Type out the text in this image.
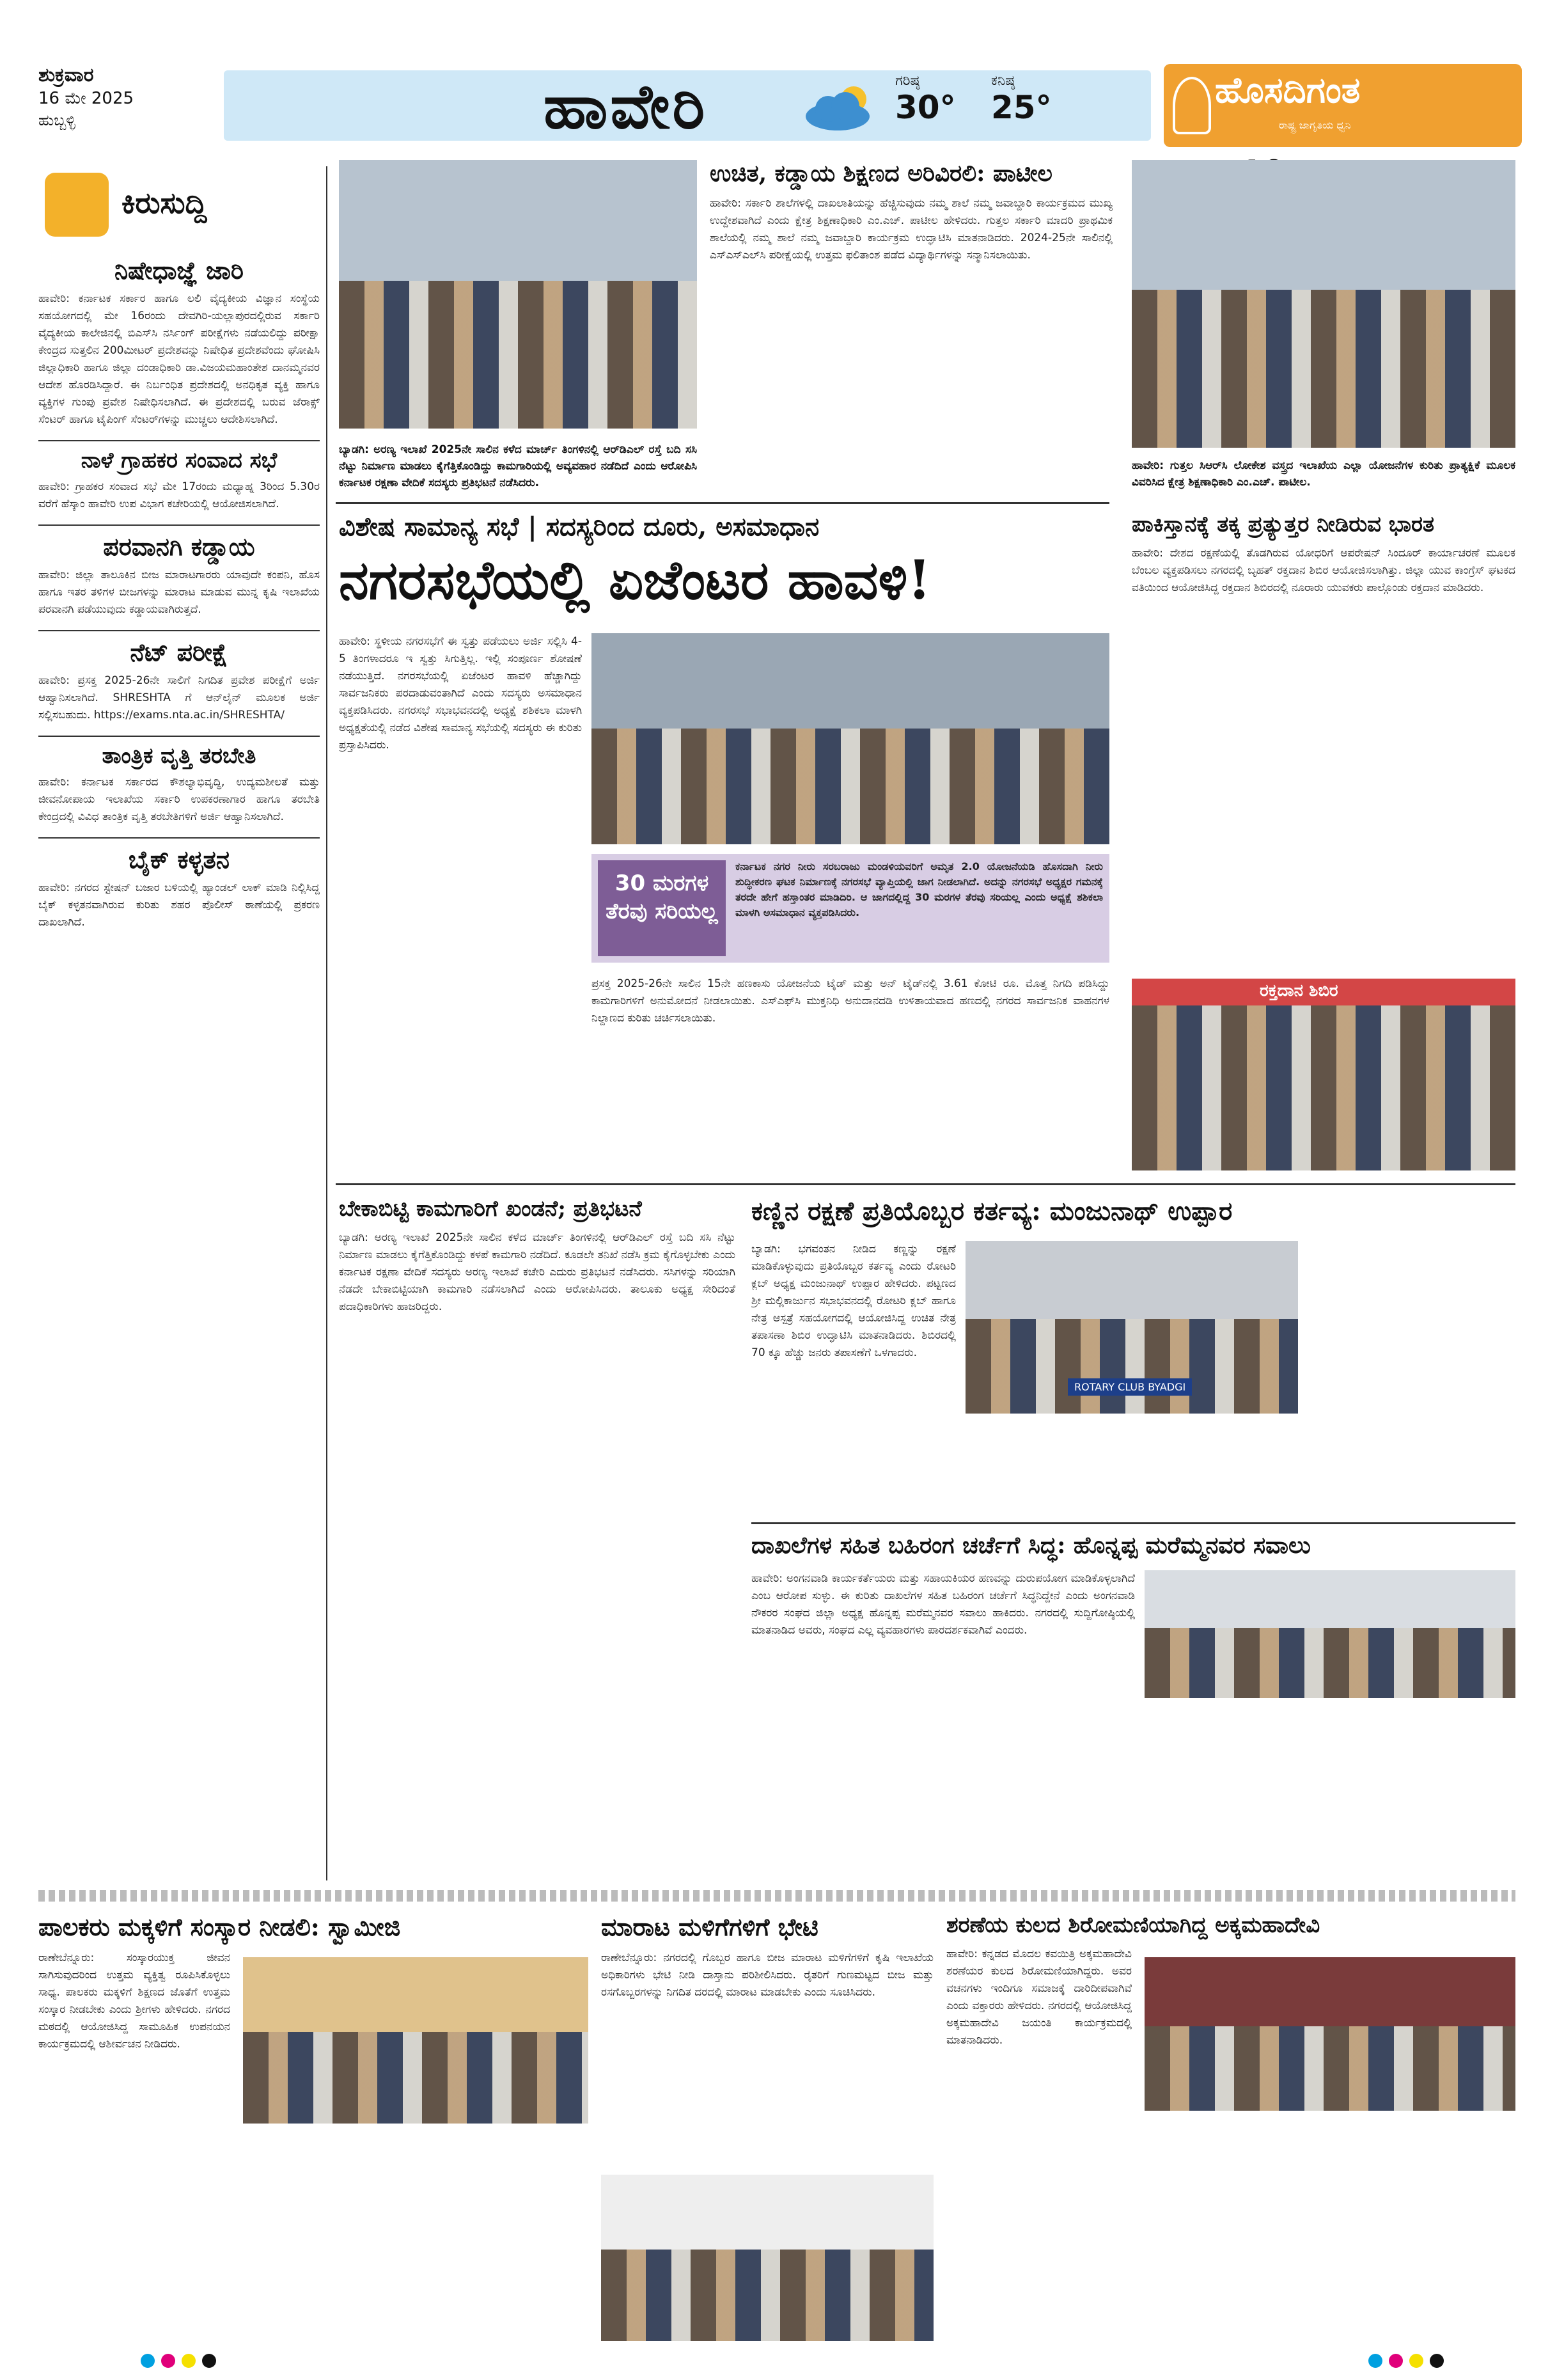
ಶುಕ್ರವಾರ
16 ಮೇ 2025
ಹುಬ್ಬಳ್ಳಿ	ಹಾವೇರಿ	ಗರಿಷ್ಠ
30°
ಕನಿಷ್ಠ
25°	ಹೊಸದಿಗಂತ
ರಾಷ್ಟ್ರ ಜಾಗೃತಿಯ ಧ್ವನಿ
ಕಿರುಸುದ್ದಿ
ನಿಷೇಧಾಜ್ಞೆ ಜಾರಿ
ಹಾವೇರಿ: ಕರ್ನಾಟಕ ಸರ್ಕಾರ ಹಾಗೂ ಲಲಿ ವೈದ್ಯಕೀಯ ವಿಜ್ಞಾನ ಸಂಸ್ಥೆಯ ಸಹಯೋಗದಲ್ಲಿ ಮೇ 16ರಂದು ದೇವಗಿರಿ-ಯಲ್ಲಾಪುರದಲ್ಲಿರುವ ಸರ್ಕಾರಿ ವೈದ್ಯಕೀಯ ಕಾಲೇಜಿನಲ್ಲಿ ಬಿಎಸ್‌ಸಿ ನರ್ಸಿಂಗ್ ಪರೀಕ್ಷೆಗಳು ನಡೆಯಲಿದ್ದು ಪರೀಕ್ಷಾ ಕೇಂದ್ರದ ಸುತ್ತಲಿನ 200ಮೀಟರ್ ಪ್ರದೇಶವನ್ನು ನಿಷೇಧಿತ ಪ್ರದೇಶವೆಂದು ಘೋಷಿಸಿ ಜಿಲ್ಲಾಧಿಕಾರಿ ಹಾಗೂ ಜಿಲ್ಲಾ ದಂಡಾಧಿಕಾರಿ ಡಾ.ವಿಜಯಮಹಾಂತೇಶ ದಾನಮ್ಮನವರ ಆದೇಶ ಹೊರಡಿಸಿದ್ದಾರೆ. ಈ ನಿರ್ಬಂಧಿತ ಪ್ರದೇಶದಲ್ಲಿ ಅನಧಿಕೃತ ವ್ಯಕ್ತಿ ಹಾಗೂ ವ್ಯಕ್ತಿಗಳ ಗುಂಪು ಪ್ರವೇಶ ನಿಷೇಧಿಸಲಾಗಿದೆ. ಈ ಪ್ರದೇಶದಲ್ಲಿ ಬರುವ ಜೆರಾಕ್ಸ್ ಸೆಂಟರ್ ಹಾಗೂ ಟೈಪಿಂಗ್ ಸೆಂಟರ್‌ಗಳನ್ನು ಮುಚ್ಚಲು ಆದೇಶಿಸಲಾಗಿದೆ.
ನಾಳೆ ಗ್ರಾಹಕರ ಸಂವಾದ ಸಭೆ
ಹಾವೇರಿ: ಗ್ರಾಹಕರ ಸಂವಾದ ಸಭೆ ಮೇ 17ರಂದು ಮಧ್ಯಾಹ್ನ 3ರಿಂದ 5.30ರ ವರೆಗೆ ಹೆಸ್ಕಾಂ ಹಾವೇರಿ ಉಪ ವಿಭಾಗ ಕಚೇರಿಯಲ್ಲಿ ಆಯೋಜಿಸಲಾಗಿದೆ.
ಪರವಾನಗಿ ಕಡ್ಡಾಯ
ಹಾವೇರಿ: ಜಿಲ್ಲಾ ತಾಲೂಕಿನ ಬೀಜ ಮಾರಾಟಗಾರರು ಯಾವುದೇ ಕಂಪನಿ, ಹೊಸ ಹಾಗೂ ಇತರ ತಳಿಗಳ ಬೀಜಗಳನ್ನು ಮಾರಾಟ ಮಾಡುವ ಮುನ್ನ ಕೃಷಿ ಇಲಾಖೆಯ ಪರವಾನಗಿ ಪಡೆಯುವುದು ಕಡ್ಡಾಯವಾಗಿರುತ್ತದೆ.
ನೆಟ್ ಪರೀಕ್ಷೆ
ಹಾವೇರಿ: ಪ್ರಸಕ್ತ 2025-26ನೇ ಸಾಲಿಗೆ ನಿಗದಿತ ಪ್ರವೇಶ ಪರೀಕ್ಷೆಗೆ ಅರ್ಜಿ ಆಹ್ವಾನಿಸಲಾಗಿದೆ. SHRESHTA ಗೆ ಆನ್‌ಲೈನ್ ಮೂಲಕ ಅರ್ಜಿ ಸಲ್ಲಿಸಬಹುದು. https://exams.nta.ac.in/SHRESHTA/
ತಾಂತ್ರಿಕ ವೃತ್ತಿ ತರಬೇತಿ
ಹಾವೇರಿ: ಕರ್ನಾಟಕ ಸರ್ಕಾರದ ಕೌಶಲ್ಯಾಭಿವೃದ್ಧಿ, ಉದ್ಯಮಶೀಲತೆ ಮತ್ತು ಜೀವನೋಪಾಯ ಇಲಾಖೆಯ ಸರ್ಕಾರಿ ಉಪಕರಣಾಗಾರ ಹಾಗೂ ತರಬೇತಿ ಕೇಂದ್ರದಲ್ಲಿ ವಿವಿಧ ತಾಂತ್ರಿಕ ವೃತ್ತಿ ತರಬೇತಿಗಳಿಗೆ ಅರ್ಜಿ ಆಹ್ವಾನಿಸಲಾಗಿದೆ.
ಬೈಕ್ ಕಳ್ಳತನ
ಹಾವೇರಿ: ನಗರದ ಸ್ಟೇಷನ್ ಬಜಾರ ಬಳಿಯಲ್ಲಿ ಹ್ಯಾಂಡಲ್ ಲಾಕ್ ಮಾಡಿ ನಿಲ್ಲಿಸಿದ್ದ ಬೈಕ್ ಕಳ್ಳತನವಾಗಿರುವ ಕುರಿತು ಶಹರ ಪೊಲೀಸ್ ಠಾಣೆಯಲ್ಲಿ ಪ್ರಕರಣ ದಾಖಲಾಗಿದೆ.
ಬ್ಯಾಡಗಿ: ಅರಣ್ಯ ಇಲಾಖೆ 2025ನೇ ಸಾಲಿನ ಕಳೆದ ಮಾರ್ಚ್ ತಿಂಗಳಿನಲ್ಲಿ ಆರ್‌ಡಿಎಲ್ ರಸ್ತೆ ಬದಿ ಸಸಿ ನೆಟ್ಟು ನಿರ್ಮಾಣ ಮಾಡಲು ಕೈಗೆತ್ತಿಕೊಂಡಿದ್ದು ಕಾಮಗಾರಿಯಲ್ಲಿ ಅವ್ಯವಹಾರ ನಡೆದಿದೆ ಎಂದು ಆರೋಪಿಸಿ ಕರ್ನಾಟಕ ರಕ್ಷಣಾ ವೇದಿಕೆ ಸದಸ್ಯರು ಪ್ರತಿಭಟನೆ ನಡೆಸಿದರು.
ಉಚಿತ, ಕಡ್ಡಾಯ ಶಿಕ್ಷಣದ ಅರಿವಿರಲಿ: ಪಾಟೀಲ
ಹಾವೇರಿ: ಸರ್ಕಾರಿ ಶಾಲೆಗಳಲ್ಲಿ ದಾಖಲಾತಿಯನ್ನು ಹೆಚ್ಚಿಸುವುದು ನಮ್ಮ ಶಾಲೆ ನಮ್ಮ ಜವಾಬ್ದಾರಿ ಕಾರ್ಯಕ್ರಮದ ಮುಖ್ಯ ಉದ್ದೇಶವಾಗಿದೆ ಎಂದು ಕ್ಷೇತ್ರ ಶಿಕ್ಷಣಾಧಿಕಾರಿ ಎಂ.ಎಚ್. ಪಾಟೀಲ ಹೇಳಿದರು. ಗುತ್ತಲ ಸರ್ಕಾರಿ ಮಾದರಿ ಪ್ರಾಥಮಿಕ ಶಾಲೆಯಲ್ಲಿ ನಮ್ಮ ಶಾಲೆ ನಮ್ಮ ಜವಾಬ್ದಾರಿ ಕಾರ್ಯಕ್ರಮ ಉದ್ಘಾಟಿಸಿ ಮಾತನಾಡಿದರು. 2024-25ನೇ ಸಾಲಿನಲ್ಲಿ ಎಸ್‌ಎಸ್‌ಎಲ್‌ಸಿ ಪರೀಕ್ಷೆಯಲ್ಲಿ ಉತ್ತಮ ಫಲಿತಾಂಶ ಪಡೆದ ವಿದ್ಯಾರ್ಥಿಗಳನ್ನು ಸನ್ಮಾನಿಸಲಾಯಿತು.
ಹಾವೇರಿ: ಗುತ್ತಲ ಸಿಆರ್‌ಸಿ ಲೋಕೇಶ ವಸ್ತ್ರದ ಇಲಾಖೆಯ ಎಲ್ಲಾ ಯೋಜನೆಗಳ ಕುರಿತು ಪ್ರಾತ್ಯಕ್ಷಿಕೆ ಮೂಲಕ ವಿವರಿಸಿದ ಕ್ಷೇತ್ರ ಶಿಕ್ಷಣಾಧಿಕಾರಿ ಎಂ.ಎಚ್. ಪಾಟೀಲ.
ವಿಶೇಷ ಸಾಮಾನ್ಯ ಸಭೆ | ಸದಸ್ಯರಿಂದ ದೂರು, ಅಸಮಾಧಾನ
ನಗರಸಭೆಯಲ್ಲಿ ಏಜೆಂಟರ ಹಾವಳಿ!
ಹಾವೇರಿ: ಸ್ಥಳೀಯ ನಗರಸಭೆಗೆ ಈ ಸ್ವತ್ತು ಪಡೆಯಲು ಅರ್ಜಿ ಸಲ್ಲಿಸಿ 4-5 ತಿಂಗಳಾದರೂ ಇ ಸ್ವತ್ತು ಸಿಗುತ್ತಿಲ್ಲ. ಇಲ್ಲಿ ಸಂಪೂರ್ಣ ಶೋಷಣೆ ನಡೆಯುತ್ತಿದೆ. ನಗರಸಭೆಯಲ್ಲಿ ಏಜೆಂಟರ ಹಾವಳಿ ಹೆಚ್ಚಾಗಿದ್ದು ಸಾರ್ವಜನಿಕರು ಪರದಾಡುವಂತಾಗಿದೆ ಎಂದು ಸದಸ್ಯರು ಅಸಮಾಧಾನ ವ್ಯಕ್ತಪಡಿಸಿದರು. ನಗರಸಭೆ ಸಭಾಭವನದಲ್ಲಿ ಅಧ್ಯಕ್ಷೆ ಶಶಿಕಲಾ ಮಾಳಗಿ ಅಧ್ಯಕ್ಷತೆಯಲ್ಲಿ ನಡೆದ ವಿಶೇಷ ಸಾಮಾನ್ಯ ಸಭೆಯಲ್ಲಿ ಸದಸ್ಯರು ಈ ಕುರಿತು ಪ್ರಸ್ತಾಪಿಸಿದರು.
30 ಮರಗಳ ತೆರವು ಸರಿಯಲ್ಲ
ಕರ್ನಾಟಕ ನಗರ ನೀರು ಸರಬರಾಜು ಮಂಡಳಿಯವರಿಗೆ ಅಮೃತ 2.0 ಯೋಜನೆಯಡಿ ಹೊಸದಾಗಿ ನೀರು ಶುದ್ಧೀಕರಣ ಘಟಕ ನಿರ್ಮಾಣಕ್ಕೆ ನಗರಸಭೆ ವ್ಯಾಪ್ತಿಯಲ್ಲಿ ಜಾಗ ನೀಡಲಾಗಿದೆ. ಅದನ್ನು ನಗರಸಭೆ ಅಧ್ಯಕ್ಷರ ಗಮನಕ್ಕೆ ತರದೇ ಹೇಗೆ ಹಸ್ತಾಂತರ ಮಾಡಿದಿರಿ. ಆ ಜಾಗದಲ್ಲಿದ್ದ 30 ಮರಗಳ ತೆರವು ಸರಿಯಲ್ಲ ಎಂದು ಅಧ್ಯಕ್ಷೆ ಶಶಿಕಲಾ ಮಾಳಗಿ ಅಸಮಾಧಾನ ವ್ಯಕ್ತಪಡಿಸಿದರು.
ಪ್ರಸಕ್ತ 2025-26ನೇ ಸಾಲಿನ 15ನೇ ಹಣಕಾಸು ಯೋಜನೆಯ ಟೈಡ್ ಮತ್ತು ಅನ್ ಟೈಡ್‌ನಲ್ಲಿ 3.61 ಕೋಟಿ ರೂ. ಮೊತ್ತ ನಿಗದಿ ಪಡಿಸಿದ್ದು ಕಾಮಗಾರಿಗಳಿಗೆ ಅನುಮೋದನೆ ನೀಡಲಾಯಿತು. ಎಸ್‌ಎಫ್‌ಸಿ ಮುಕ್ತನಿಧಿ ಅನುದಾನದಡಿ ಉಳಿತಾಯವಾದ ಹಣದಲ್ಲಿ ನಗರದ ಸಾರ್ವಜನಿಕ ವಾಹನಗಳ ನಿಲ್ದಾಣದ ಕುರಿತು ಚರ್ಚಿಸಲಾಯಿತು.
ಪಾಕಿಸ್ತಾನಕ್ಕೆ ತಕ್ಕ ಪ್ರತ್ಯುತ್ತರ ನೀಡಿರುವ ಭಾರತ
ಹಾವೇರಿ: ದೇಶದ ರಕ್ಷಣೆಯಲ್ಲಿ ತೊಡಗಿರುವ ಯೋಧರಿಗೆ ಆಪರೇಷನ್ ಸಿಂದೂರ್ ಕಾರ್ಯಾಚರಣೆ ಮೂಲಕ ಬೆಂಬಲ ವ್ಯಕ್ತಪಡಿಸಲು ನಗರದಲ್ಲಿ ಬೃಹತ್ ರಕ್ತದಾನ ಶಿಬಿರ ಆಯೋಜಿಸಲಾಗಿತ್ತು. ಜಿಲ್ಲಾ ಯುವ ಕಾಂಗ್ರೆಸ್ ಘಟಕದ ವತಿಯಿಂದ ಆಯೋಜಿಸಿದ್ದ ರಕ್ತದಾನ ಶಿಬಿರದಲ್ಲಿ ನೂರಾರು ಯುವಕರು ಪಾಲ್ಗೊಂಡು ರಕ್ತದಾನ ಮಾಡಿದರು.
ರಕ್ತದಾನ ಶಿಬಿರ
ಬೇಕಾಬಿಟ್ಟಿ ಕಾಮಗಾರಿಗೆ ಖಂಡನೆ; ಪ್ರತಿಭಟನೆ
ಬ್ಯಾಡಗಿ: ಅರಣ್ಯ ಇಲಾಖೆ 2025ನೇ ಸಾಲಿನ ಕಳೆದ ಮಾರ್ಚ್ ತಿಂಗಳಿನಲ್ಲಿ ಆರ್‌ಡಿಎಲ್ ರಸ್ತೆ ಬದಿ ಸಸಿ ನೆಟ್ಟು ನಿರ್ಮಾಣ ಮಾಡಲು ಕೈಗೆತ್ತಿಕೊಂಡಿದ್ದು ಕಳಪೆ ಕಾಮಗಾರಿ ನಡೆದಿದೆ. ಕೂಡಲೇ ತನಿಖೆ ನಡೆಸಿ ಕ್ರಮ ಕೈಗೊಳ್ಳಬೇಕು ಎಂದು ಕರ್ನಾಟಕ ರಕ್ಷಣಾ ವೇದಿಕೆ ಸದಸ್ಯರು ಅರಣ್ಯ ಇಲಾಖೆ ಕಚೇರಿ ಎದುರು ಪ್ರತಿಭಟನೆ ನಡೆಸಿದರು. ಸಸಿಗಳನ್ನು ಸರಿಯಾಗಿ ನೆಡದೇ ಬೇಕಾಬಿಟ್ಟಿಯಾಗಿ ಕಾಮಗಾರಿ ನಡೆಸಲಾಗಿದೆ ಎಂದು ಆರೋಪಿಸಿದರು. ತಾಲೂಕು ಅಧ್ಯಕ್ಷ ಸೇರಿದಂತೆ ಪದಾಧಿಕಾರಿಗಳು ಹಾಜರಿದ್ದರು.
ಕಣ್ಣಿನ ರಕ್ಷಣೆ ಪ್ರತಿಯೊಬ್ಬರ ಕರ್ತವ್ಯ: ಮಂಜುನಾಥ್ ಉಪ್ಪಾರ
ಬ್ಯಾಡಗಿ: ಭಗವಂತನ ನೀಡಿದ ಕಣ್ಣನ್ನು ರಕ್ಷಣೆ ಮಾಡಿಕೊಳ್ಳುವುದು ಪ್ರತಿಯೊಬ್ಬರ ಕರ್ತವ್ಯ ಎಂದು ರೋಟರಿ ಕ್ಲಬ್ ಅಧ್ಯಕ್ಷ ಮಂಜುನಾಥ್ ಉಪ್ಪಾರ ಹೇಳಿದರು. ಪಟ್ಟಣದ ಶ್ರೀ ಮಲ್ಲಿಕಾರ್ಜುನ ಸಭಾಭವನದಲ್ಲಿ ರೋಟರಿ ಕ್ಲಬ್ ಹಾಗೂ ನೇತ್ರ ಆಸ್ಪತ್ರೆ ಸಹಯೋಗದಲ್ಲಿ ಆಯೋಜಿಸಿದ್ದ ಉಚಿತ ನೇತ್ರ ತಪಾಸಣಾ ಶಿಬಿರ ಉದ್ಘಾಟಿಸಿ ಮಾತನಾಡಿದರು. ಶಿಬಿರದಲ್ಲಿ 70 ಕ್ಕೂ ಹೆಚ್ಚು ಜನರು ತಪಾಸಣೆಗೆ ಒಳಗಾದರು.
ROTARY CLUB BYADGI
ದಾಖಲೆಗಳ ಸಹಿತ ಬಹಿರಂಗ ಚರ್ಚೆಗೆ ಸಿದ್ಧ: ಹೊನ್ನಪ್ಪ ಮರೆಮ್ಮನವರ ಸವಾಲು
ಹಾವೇರಿ: ಅಂಗನವಾಡಿ ಕಾರ್ಯಕರ್ತೆಯರು ಮತ್ತು ಸಹಾಯಕಿಯರ ಹಣವನ್ನು ದುರುಪಯೋಗ ಮಾಡಿಕೊಳ್ಳಲಾಗಿದೆ ಎಂಬ ಆರೋಪ ಸುಳ್ಳು. ಈ ಕುರಿತು ದಾಖಲೆಗಳ ಸಹಿತ ಬಹಿರಂಗ ಚರ್ಚೆಗೆ ಸಿದ್ಧನಿದ್ದೇನೆ ಎಂದು ಅಂಗನವಾಡಿ ನೌಕರರ ಸಂಘದ ಜಿಲ್ಲಾ ಅಧ್ಯಕ್ಷ ಹೊನ್ನಪ್ಪ ಮರೆಮ್ಮನವರ ಸವಾಲು ಹಾಕಿದರು. ನಗರದಲ್ಲಿ ಸುದ್ದಿಗೋಷ್ಠಿಯಲ್ಲಿ ಮಾತನಾಡಿದ ಅವರು, ಸಂಘದ ಎಲ್ಲ ವ್ಯವಹಾರಗಳು ಪಾರದರ್ಶಕವಾಗಿವೆ ಎಂದರು.
ಪಾಲಕರು ಮಕ್ಕಳಿಗೆ ಸಂಸ್ಕಾರ ನೀಡಲಿ: ಸ್ವಾಮೀಜಿ
ರಾಣೇಬೆನ್ನೂರು: ಸಂಸ್ಕಾರಯುಕ್ತ ಜೀವನ ಸಾಗಿಸುವುದರಿಂದ ಉತ್ತಮ ವ್ಯಕ್ತಿತ್ವ ರೂಪಿಸಿಕೊಳ್ಳಲು ಸಾಧ್ಯ. ಪಾಲಕರು ಮಕ್ಕಳಿಗೆ ಶಿಕ್ಷಣದ ಜೊತೆಗೆ ಉತ್ತಮ ಸಂಸ್ಕಾರ ನೀಡಬೇಕು ಎಂದು ಶ್ರೀಗಳು ಹೇಳಿದರು. ನಗರದ ಮಠದಲ್ಲಿ ಆಯೋಜಿಸಿದ್ದ ಸಾಮೂಹಿಕ ಉಪನಯನ ಕಾರ್ಯಕ್ರಮದಲ್ಲಿ ಆಶೀರ್ವಚನ ನೀಡಿದರು.
ಮಾರಾಟ ಮಳಿಗೆಗಳಿಗೆ ಭೇಟಿ
ರಾಣೇಬೆನ್ನೂರು: ನಗರದಲ್ಲಿ ಗೊಬ್ಬರ ಹಾಗೂ ಬೀಜ ಮಾರಾಟ ಮಳಿಗೆಗಳಿಗೆ ಕೃಷಿ ಇಲಾಖೆಯ ಅಧಿಕಾರಿಗಳು ಭೇಟಿ ನೀಡಿ ದಾಸ್ತಾನು ಪರಿಶೀಲಿಸಿದರು. ರೈತರಿಗೆ ಗುಣಮಟ್ಟದ ಬೀಜ ಮತ್ತು ರಸಗೊಬ್ಬರಗಳನ್ನು ನಿಗದಿತ ದರದಲ್ಲಿ ಮಾರಾಟ ಮಾಡಬೇಕು ಎಂದು ಸೂಚಿಸಿದರು.
ಶರಣೆಯ ಕುಲದ ಶಿರೋಮಣಿಯಾಗಿದ್ದ ಅಕ್ಕಮಹಾದೇವಿ
ಹಾವೇರಿ: ಕನ್ನಡದ ಮೊದಲ ಕವಯಿತ್ರಿ ಅಕ್ಕಮಹಾದೇವಿ ಶರಣೆಯರ ಕುಲದ ಶಿರೋಮಣಿಯಾಗಿದ್ದರು. ಅವರ ವಚನಗಳು ಇಂದಿಗೂ ಸಮಾಜಕ್ಕೆ ದಾರಿದೀಪವಾಗಿವೆ ಎಂದು ವಕ್ತಾರರು ಹೇಳಿದರು. ನಗರದಲ್ಲಿ ಆಯೋಜಿಸಿದ್ದ ಅಕ್ಕಮಹಾದೇವಿ ಜಯಂತಿ ಕಾರ್ಯಕ್ರಮದಲ್ಲಿ ಮಾತನಾಡಿದರು.
